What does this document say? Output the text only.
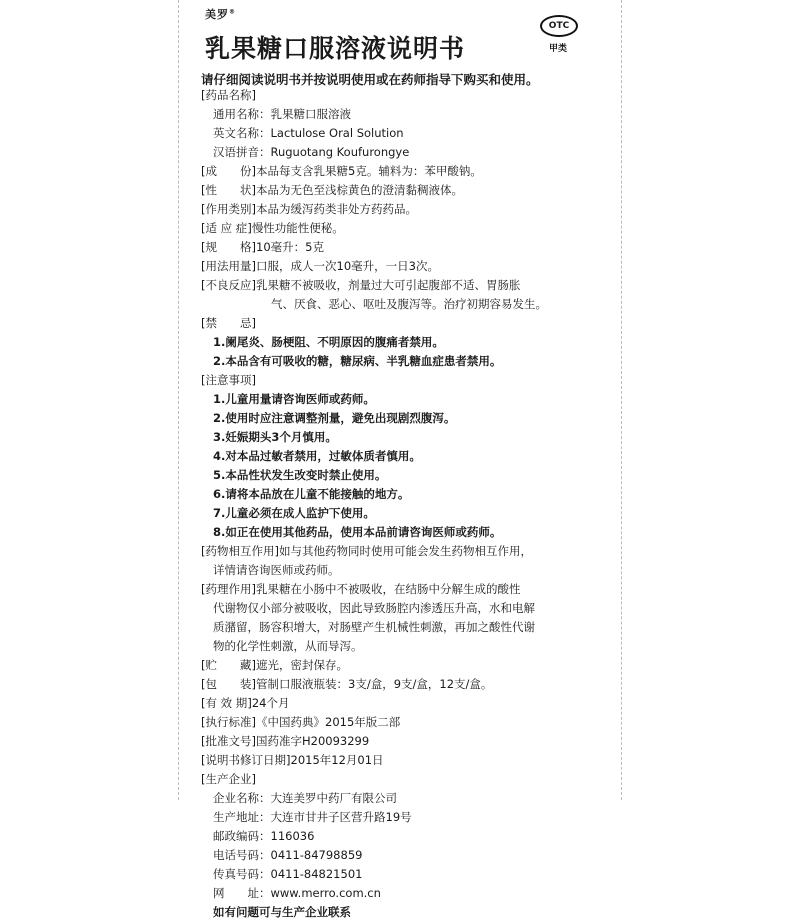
美罗®
OTC
甲类
乳果糖口服溶液说明书
请仔细阅读说明书并按说明使用或在药师指导下购买和使用。
[ 药品名称 ]
通用名称：乳果糖口服溶液
英文名称：Lactulose Oral Solution
汉语拼音：Ruguotang Koufurongye
[ 成　　份 ] 本品每支含乳果糖5克。辅料为：苯甲酸钠。
[ 性　　状 ] 本品为无色至浅棕黄色的澄清黏稠液体。
[ 作用类别 ] 本品为缓泻药类非处方药药品。
[ 适 应 症 ] 慢性功能性便秘。
[ 规　　格 ] 10毫升：5克
[ 用法用量 ] 口服，成人一次10毫升，一日3次。
[ 不良反应 ] 乳果糖不被吸收，剂量过大可引起腹部不适、胃肠胀
气、厌食、恶心、呕吐及腹泻等。治疗初期容易发生。
[ 禁　　忌 ]
1.阑尾炎、肠梗阻、不明原因的腹痛者禁用。
2.本品含有可吸收的糖，糖尿病、半乳糖血症患者禁用。
[ 注意事项 ]
1.儿童用量请咨询医师或药师。
2.使用时应注意调整剂量，避免出现剧烈腹泻。
3.妊娠期头3个月慎用。
4.对本品过敏者禁用，过敏体质者慎用。
5.本品性状发生改变时禁止使用。
6.请将本品放在儿童不能接触的地方。
7.儿童必须在成人监护下使用。
8.如正在使用其他药品，使用本品前请咨询医师或药师。
[ 药物相互作用 ] 如与其他药物同时使用可能会发生药物相互作用，
详情请咨询医师或药师。
[ 药理作用 ] 乳果糖在小肠中不被吸收，在结肠中分解生成的酸性
代谢物仅小部分被吸收，因此导致肠腔内渗透压升高，水和电解
质潴留，肠容积增大，对肠壁产生机械性刺激，再加之酸性代谢
物的化学性刺激，从而导泻。
[ 贮　　藏 ] 遮光，密封保存。
[ 包　　装 ] 管制口服液瓶装：3支/盒，9支/盒，12支/盒。
[ 有 效 期 ] 24个月
[ 执行标准 ] 《中国药典》2015年版二部
[ 批准文号 ] 国药准字H20093299
[ 说明书修订日期 ] 2015年12月01日
[ 生产企业 ]
企业名称：大连美罗中药厂有限公司
生产地址：大连市甘井子区营升路19号
邮政编码：116036
电话号码：0411-84798859
传真号码：0411-84821501
网　　址：www.merro.com.cn
如有问题可与生产企业联系
